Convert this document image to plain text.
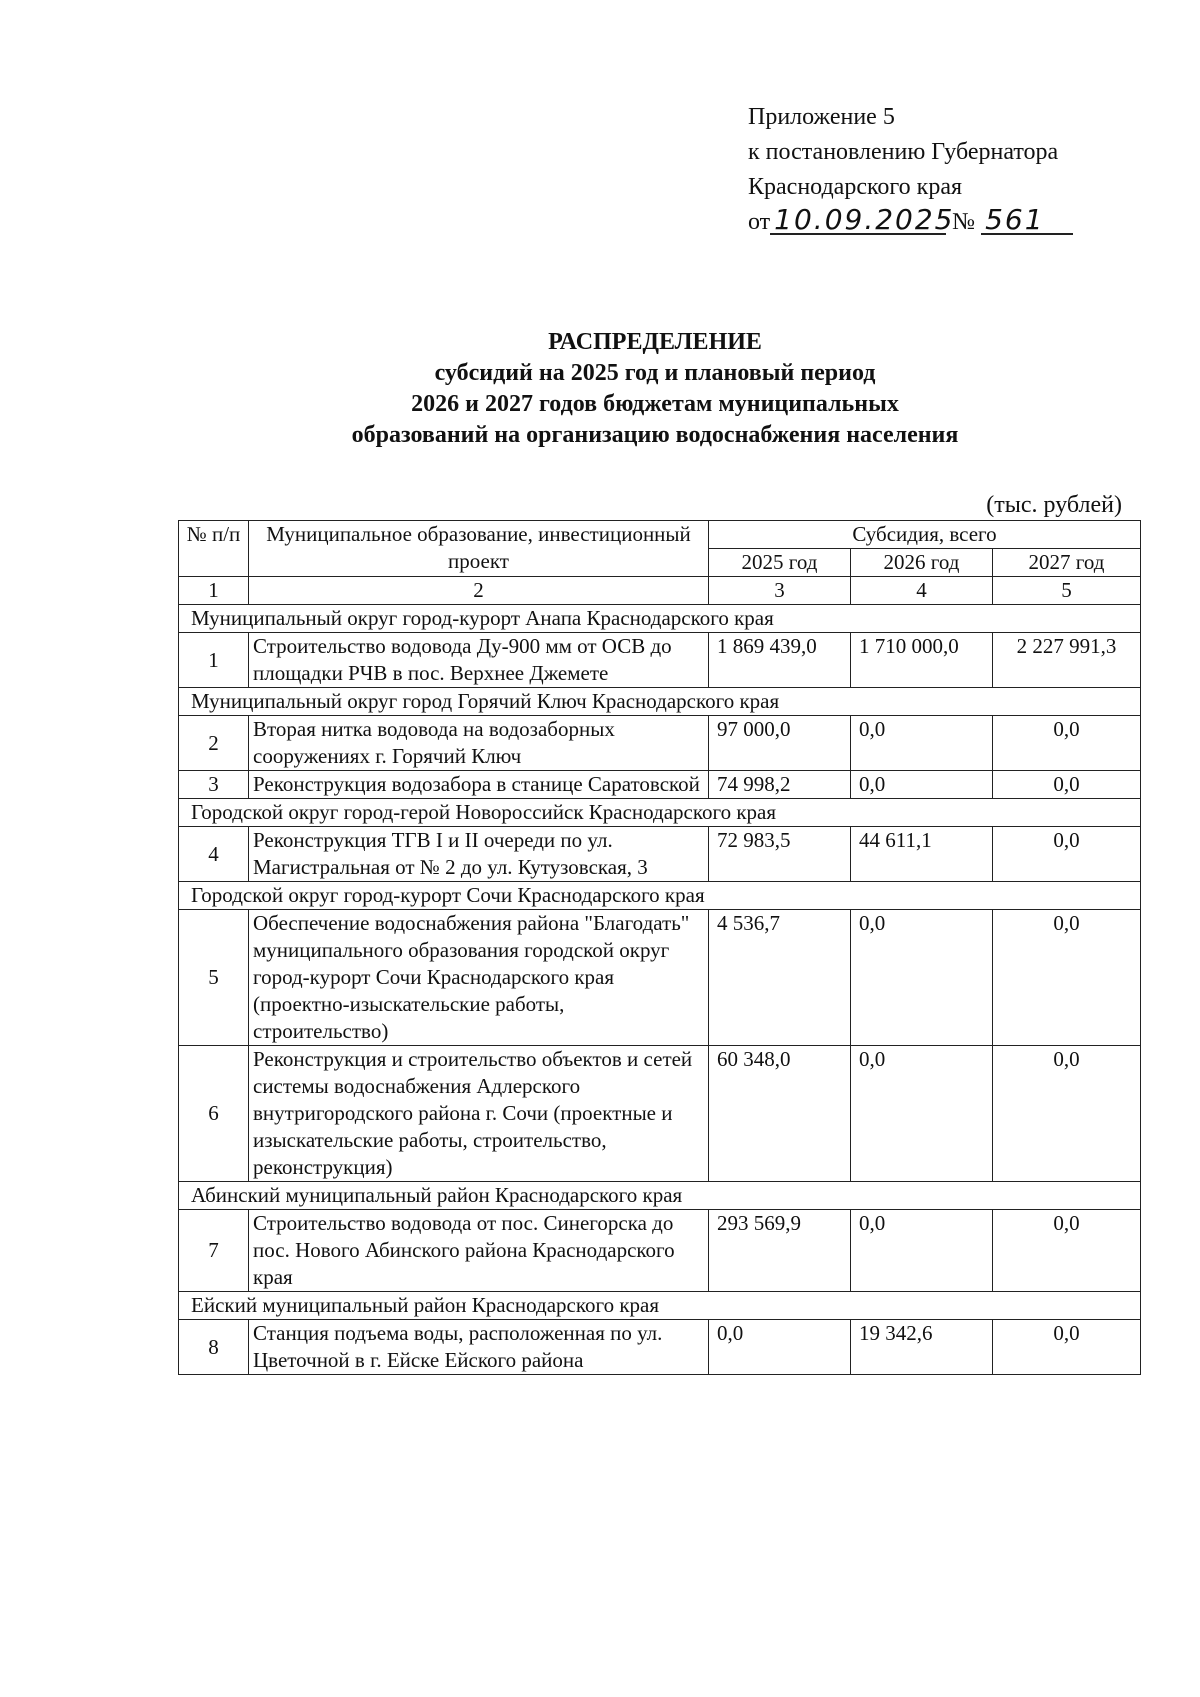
Приложение 5
к постановлению Губернатора
Краснодарского края
от 10.09.2025 № 561
РАСПРЕДЕЛЕНИЕ
субсидий на 2025 год и плановый период
2026 и 2027 годов бюджетам муниципальных
образований на организацию водоснабжения населения
(тыс. рублей)
№ п/п	Муниципальное образование, инвестиционный проект	Субсидия, всего		
		2025 год	2026 год	2027 год
1	2	3	4	5
Муниципальный округ город-курорт Анапа Краснодарского края				
1	Строительство водовода Ду-900 мм от ОСВ до площадки РЧВ в пос. Верхнее Джемете	1 869 439,0	1 710 000,0	2 227 991,3
Муниципальный округ город Горячий Ключ Краснодарского края				
2	Вторая нитка водовода на водозаборных сооружениях г. Горячий Ключ	97 000,0	0,0	0,0
3	Реконструкция водозабора в станице Саратовской	74 998,2	0,0	0,0
Городской округ город-герой Новороссийск Краснодарского края				
4	Реконструкция ТГВ I и II очереди по ул. Магистральная от № 2 до ул. Кутузовская, 3	72 983,5	44 611,1	0,0
Городской округ город-курорт Сочи Краснодарского края				
5	Обеспечение водоснабжения района "Благодать" муниципального образования городской округ город-курорт Сочи Краснодарского края (проектно-изыскательские работы, строительство)	4 536,7	0,0	0,0
6	Реконструкция и строительство объектов и сетей системы водоснабжения Адлерского внутригородского района г. Сочи (проектные и изыскательские работы, строительство, реконструкция)	60 348,0	0,0	0,0
Абинский муниципальный район Краснодарского края				
7	Строительство водовода от пос. Синегорска до пос. Нового Абинского района Краснодарского края	293 569,9	0,0	0,0
Ейский муниципальный район Краснодарского края				
8	Станция подъема воды, расположенная по ул. Цветочной в г. Ейске Ейского района	0,0	19 342,6	0,0
